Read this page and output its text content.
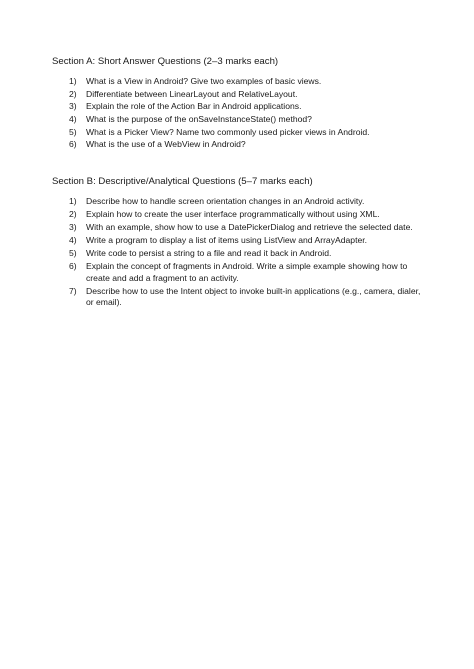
Section A: Short Answer Questions (2–3 marks each)
1)	What is a View in Android? Give two examples of basic views.
2)	Differentiate between LinearLayout and RelativeLayout.
3)	Explain the role of the Action Bar in Android applications.
4)	What is the purpose of the onSaveInstanceState() method?
5)	What is a Picker View? Name two commonly used picker views in Android.
6)	What is the use of a WebView in Android?
Section B: Descriptive/Analytical Questions (5–7 marks each)
1)	Describe how to handle screen orientation changes in an Android activity.
2)	Explain how to create the user interface programmatically without using XML.
3)	With an example, show how to use a DatePickerDialog and retrieve the selected date.
4)	Write a program to display a list of items using ListView and ArrayAdapter.
5)	Write code to persist a string to a file and read it back in Android.
6)	Explain the concept of fragments in Android. Write a simple example showing how to create and add a fragment to an activity.
7)	Describe how to use the Intent object to invoke built-in applications (e.g., camera, dialer, or email).
